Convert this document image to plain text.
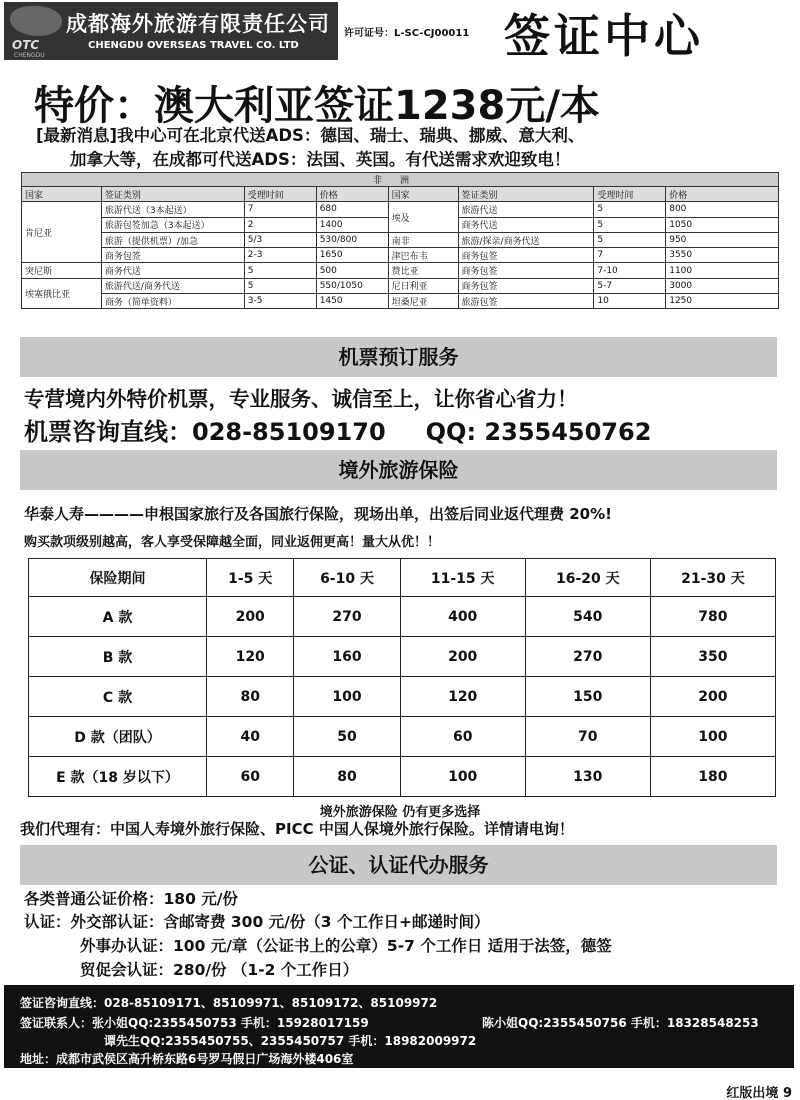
OTC
CHENGDU
成都海外旅游有限责任公司
CHENGDU OVERSEAS TRAVEL CO. LTD
许可证号：L-SC-CJ00011 签证中心
特价：澳大利亚签证1238元/本
[最新消息]我中心可在北京代送ADS：德国、瑞士、瑞典、挪威、意大利、
加拿大等，在成都可代送ADS：法国、英国。有代送需求欢迎致电！
非洲							
国家	签证类别	受理时间	价格	国家	签证类别	受理时间	价格
肯尼亚	旅游代送（3本起送）	7	680	埃及	旅游代送	5	800
	旅游包签加急（3本起送）	2	1400		商务代送	5	1050
	旅游（提供机票）/加急	5/3	530/800	南非	旅游/探亲/商务代送	5	950
	商务包签	2-3	1650	津巴布韦	商务包签	7	3550
突尼斯	商务代送	5	500	赞比亚	商务包签	7-10	1100
埃塞俄比亚	旅游代送/商务代送	5	550/1050	尼日利亚	商务包签	5-7	3000
	商务（简单资料）	3-5	1450	坦桑尼亚	旅游包签	10	1250
机票预订服务
专营境内外特价机票，专业服务、诚信至上，让你省心省力！
机票咨询直线：028-85109170 QQ: 2355450762
境外旅游保险
华泰人寿————申根国家旅行及各国旅行保险，现场出单，出签后同业返代理费 20%!
购买款项级别越高，客人享受保障越全面，同业返佣更高！量大从优！！
保险期间	1-5 天	6-10 天	11-15 天	16-20 天	21-30 天
A 款	200	270	400	540	780
B 款	120	160	200	270	350
C 款	80	100	120	150	200
D 款（团队）	40	50	60	70	100
E 款（18 岁以下）	60	80	100	130	180
境外旅游保险 仍有更多选择
我们代理有：中国人寿境外旅行保险、PICC 中国人保境外旅行保险。详情请电询！
公证、认证代办服务
各类普通公证价格：180 元/份
认证：外交部认证：含邮寄费 300 元/份（3 个工作日+邮递时间）
外事办认证：100 元/章（公证书上的公章）5-7 个工作日 适用于法签，德签
贸促会认证：280/份 （1-2 个工作日）
签证咨询直线：028-85109171、85109971、85109172、85109972
签证联系人：张小姐QQ:2355450753 手机：15928017159	陈小姐QQ:2355450756 手机：18328548253
谭先生QQ:2355450755、2355450757 手机：18982009972
地址：成都市武侯区高升桥东路6号罗马假日广场海外楼406室
红版出境 9
